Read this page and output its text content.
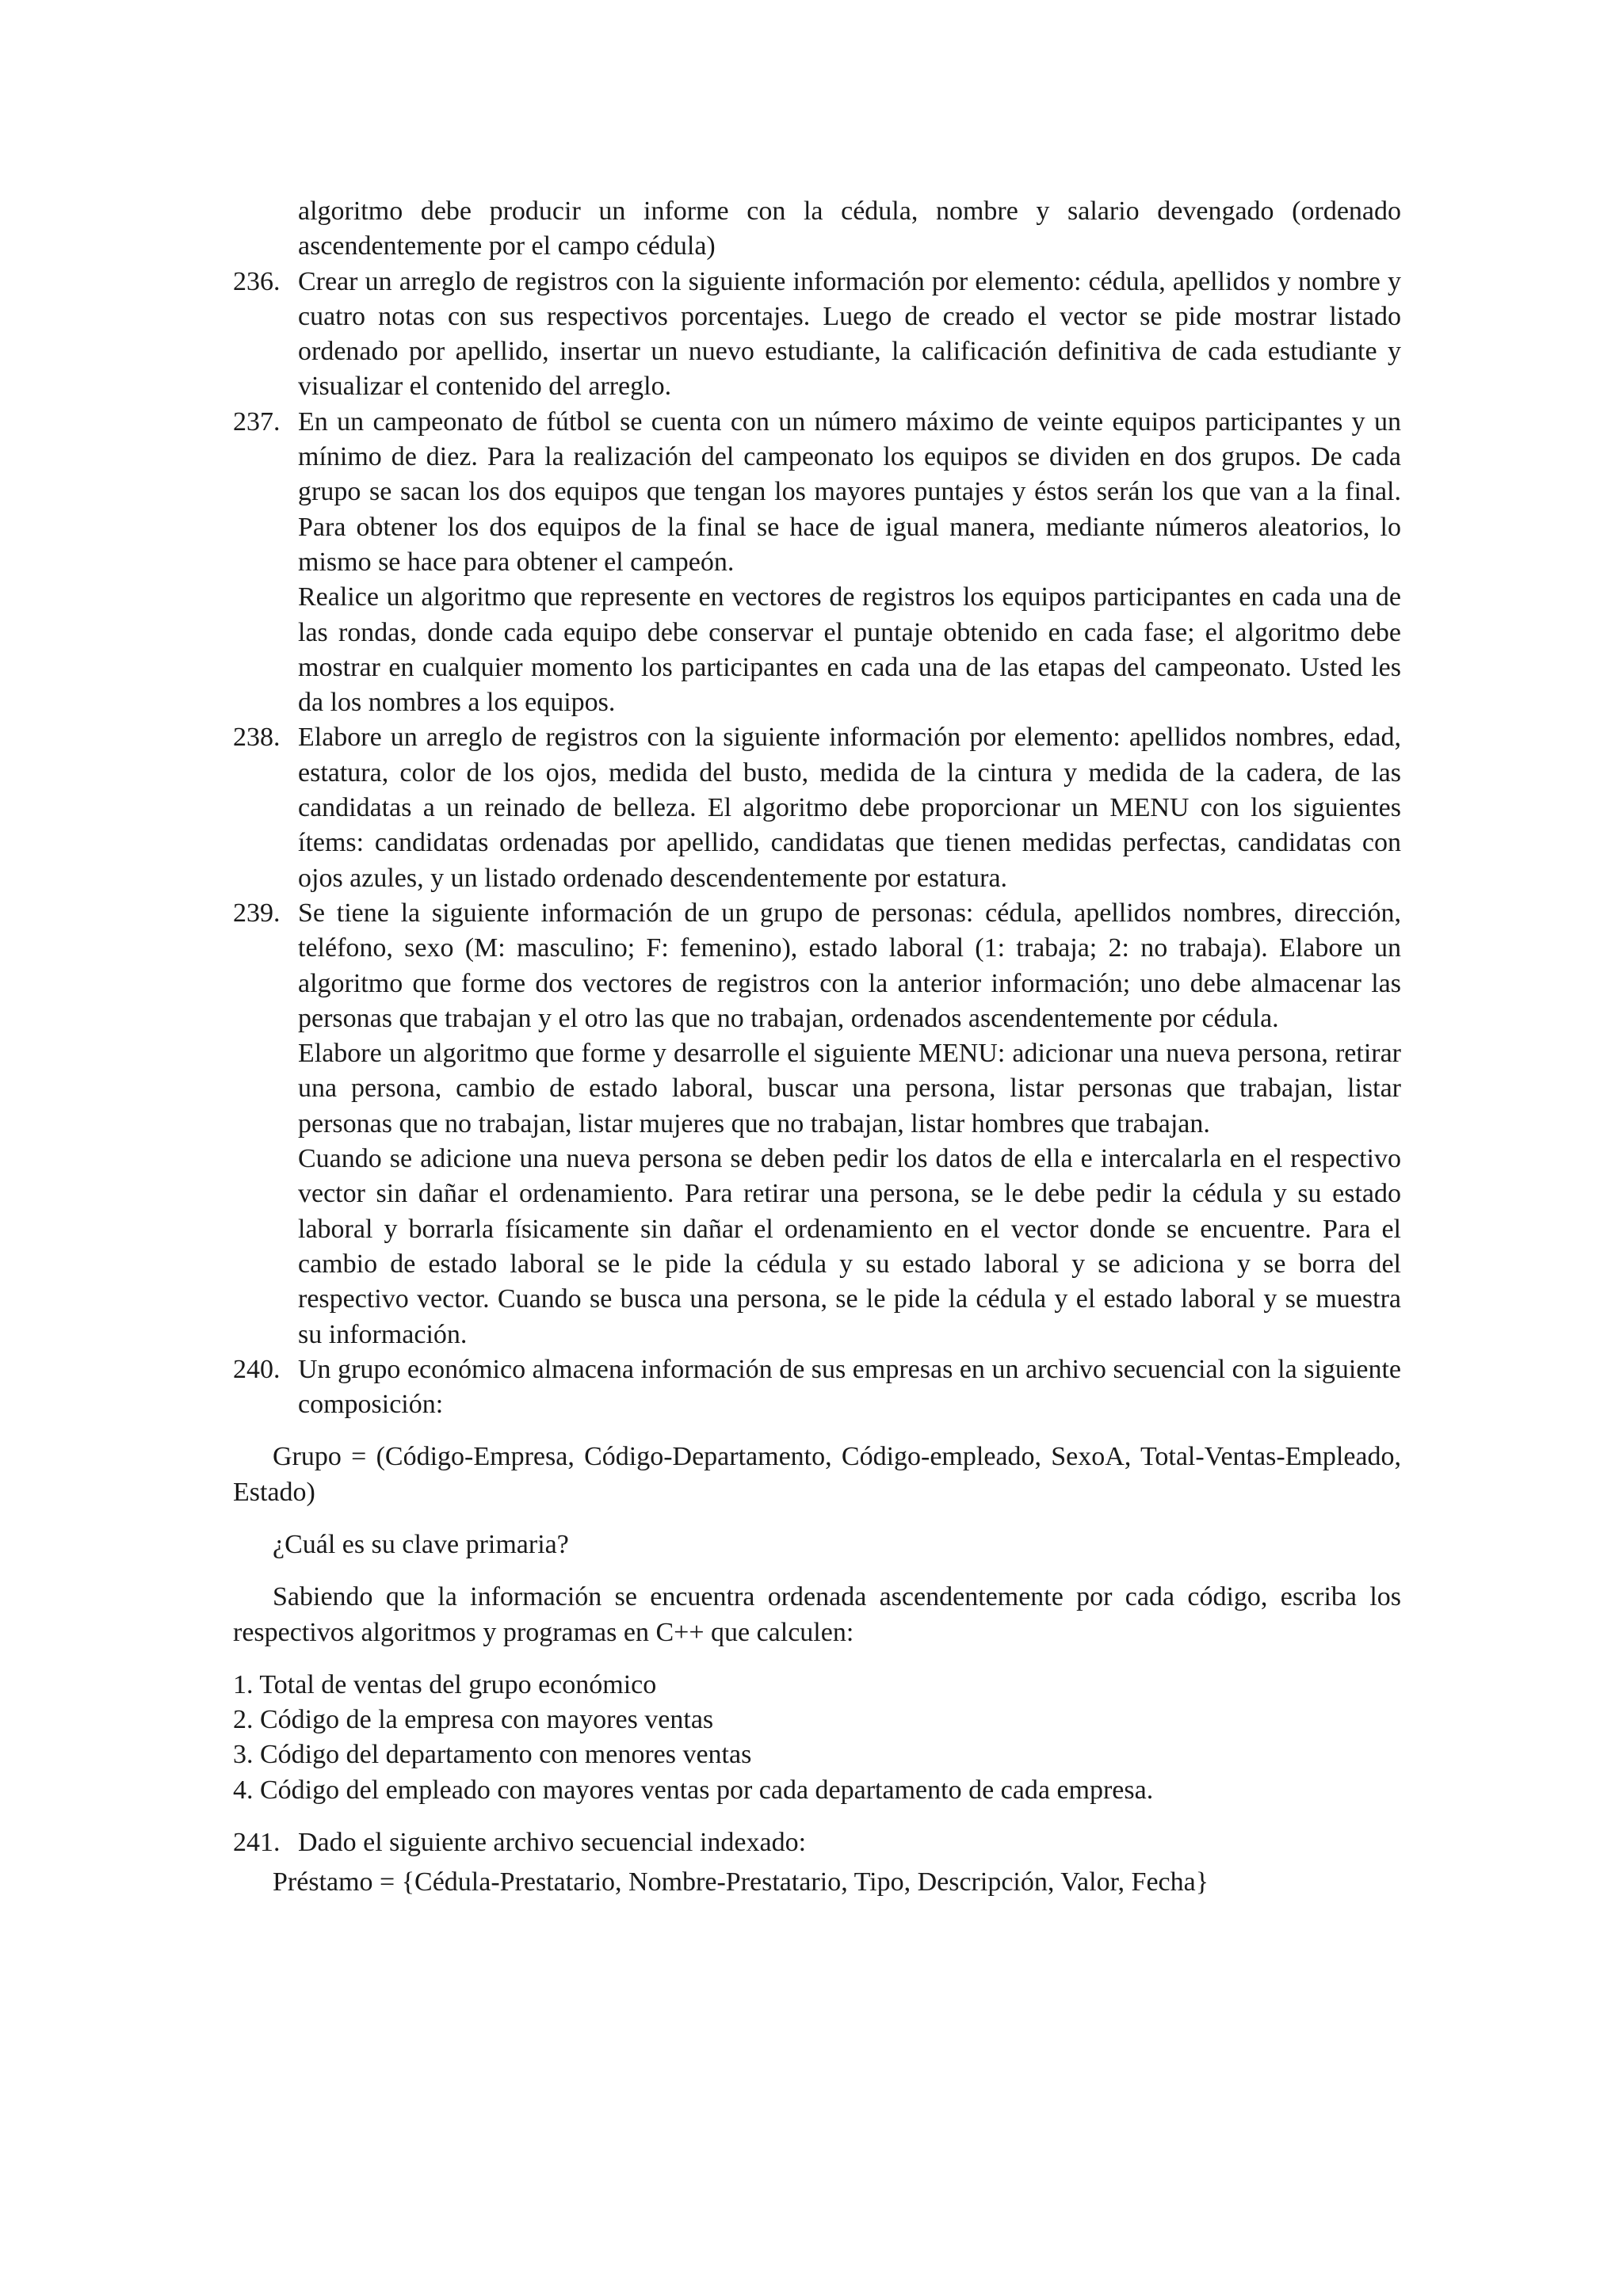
algoritmo debe producir un informe con la cédula, nombre y salario devengado (ordenado ascendentemente por el campo cédula)

236. Crear un arreglo de registros con la siguiente información por elemento: cédula, apellidos y nombre y cuatro notas con sus respectivos porcentajes. Luego de creado el vector se pide mostrar listado ordenado por apellido, insertar un nuevo estudiante, la calificación definitiva de cada estudiante y visualizar el contenido del arreglo.

237. En un campeonato de fútbol se cuenta con un número máximo de veinte equipos participantes y un mínimo de diez. Para la realización del campeonato los equipos se dividen en dos grupos. De cada grupo se sacan los dos equipos que tengan los mayores puntajes y éstos serán los que van a la final. Para obtener los dos equipos de la final se hace de igual manera, mediante números aleatorios, lo mismo se hace para obtener el campeón.

Realice un algoritmo que represente en vectores de registros los equipos participantes en cada una de las rondas, donde cada equipo debe conservar el puntaje obtenido en cada fase; el algoritmo debe mostrar en cualquier momento los participantes en cada una de las etapas del campeonato. Usted les da los nombres a los equipos.

238. Elabore un arreglo de registros con la siguiente información por elemento: apellidos nombres, edad, estatura, color de los ojos, medida del busto, medida de la cintura y medida de la cadera, de las candidatas a un reinado de belleza. El algoritmo debe proporcionar un MENU con los siguientes ítems: candidatas ordenadas por apellido, candidatas que tienen medidas perfectas, candidatas con ojos azules, y un listado ordenado descendentemente por estatura.

239. Se tiene la siguiente información de un grupo de personas: cédula, apellidos nombres, dirección, teléfono, sexo (M: masculino; F: femenino), estado laboral (1: trabaja; 2: no trabaja). Elabore un algoritmo que forme dos vectores de registros con la anterior información; uno debe almacenar las personas que trabajan y el otro las que no trabajan, ordenados ascendentemente por cédula.

Elabore un algoritmo que forme y desarrolle el siguiente MENU: adicionar una nueva persona, retirar una persona, cambio de estado laboral, buscar una persona, listar personas que trabajan, listar personas que no trabajan, listar mujeres que no trabajan, listar hombres que trabajan.

Cuando se adicione una nueva persona se deben pedir los datos de ella e intercalarla en el respectivo vector sin dañar el ordenamiento. Para retirar una persona, se le debe pedir la cédula y su estado laboral y borrarla físicamente sin dañar el ordenamiento en el vector donde se encuentre. Para el cambio de estado laboral se le pide la cédula y su estado laboral y se adiciona y se borra del respectivo vector. Cuando se busca una persona, se le pide la cédula y el estado laboral y se muestra su información.

240. Un grupo económico almacena información de sus empresas en un archivo secuencial con la siguiente composición:

Grupo = (Código-Empresa, Código-Departamento, Código-empleado, SexoA, Total-Ventas-Empleado, Estado)

¿Cuál es su clave primaria?

Sabiendo que la información se encuentra ordenada ascendentemente por cada código, escriba los respectivos algoritmos y programas en C++ que calculen:

1. Total de ventas del grupo económico
2. Código de la empresa con mayores ventas
3. Código del departamento con menores ventas
4. Código del empleado con mayores ventas por cada departamento de cada empresa.
241. Dado el siguiente archivo secuencial indexado:

Préstamo = {Cédula-Prestatario, Nombre-Prestatario, Tipo, Descripción, Valor, Fecha}
